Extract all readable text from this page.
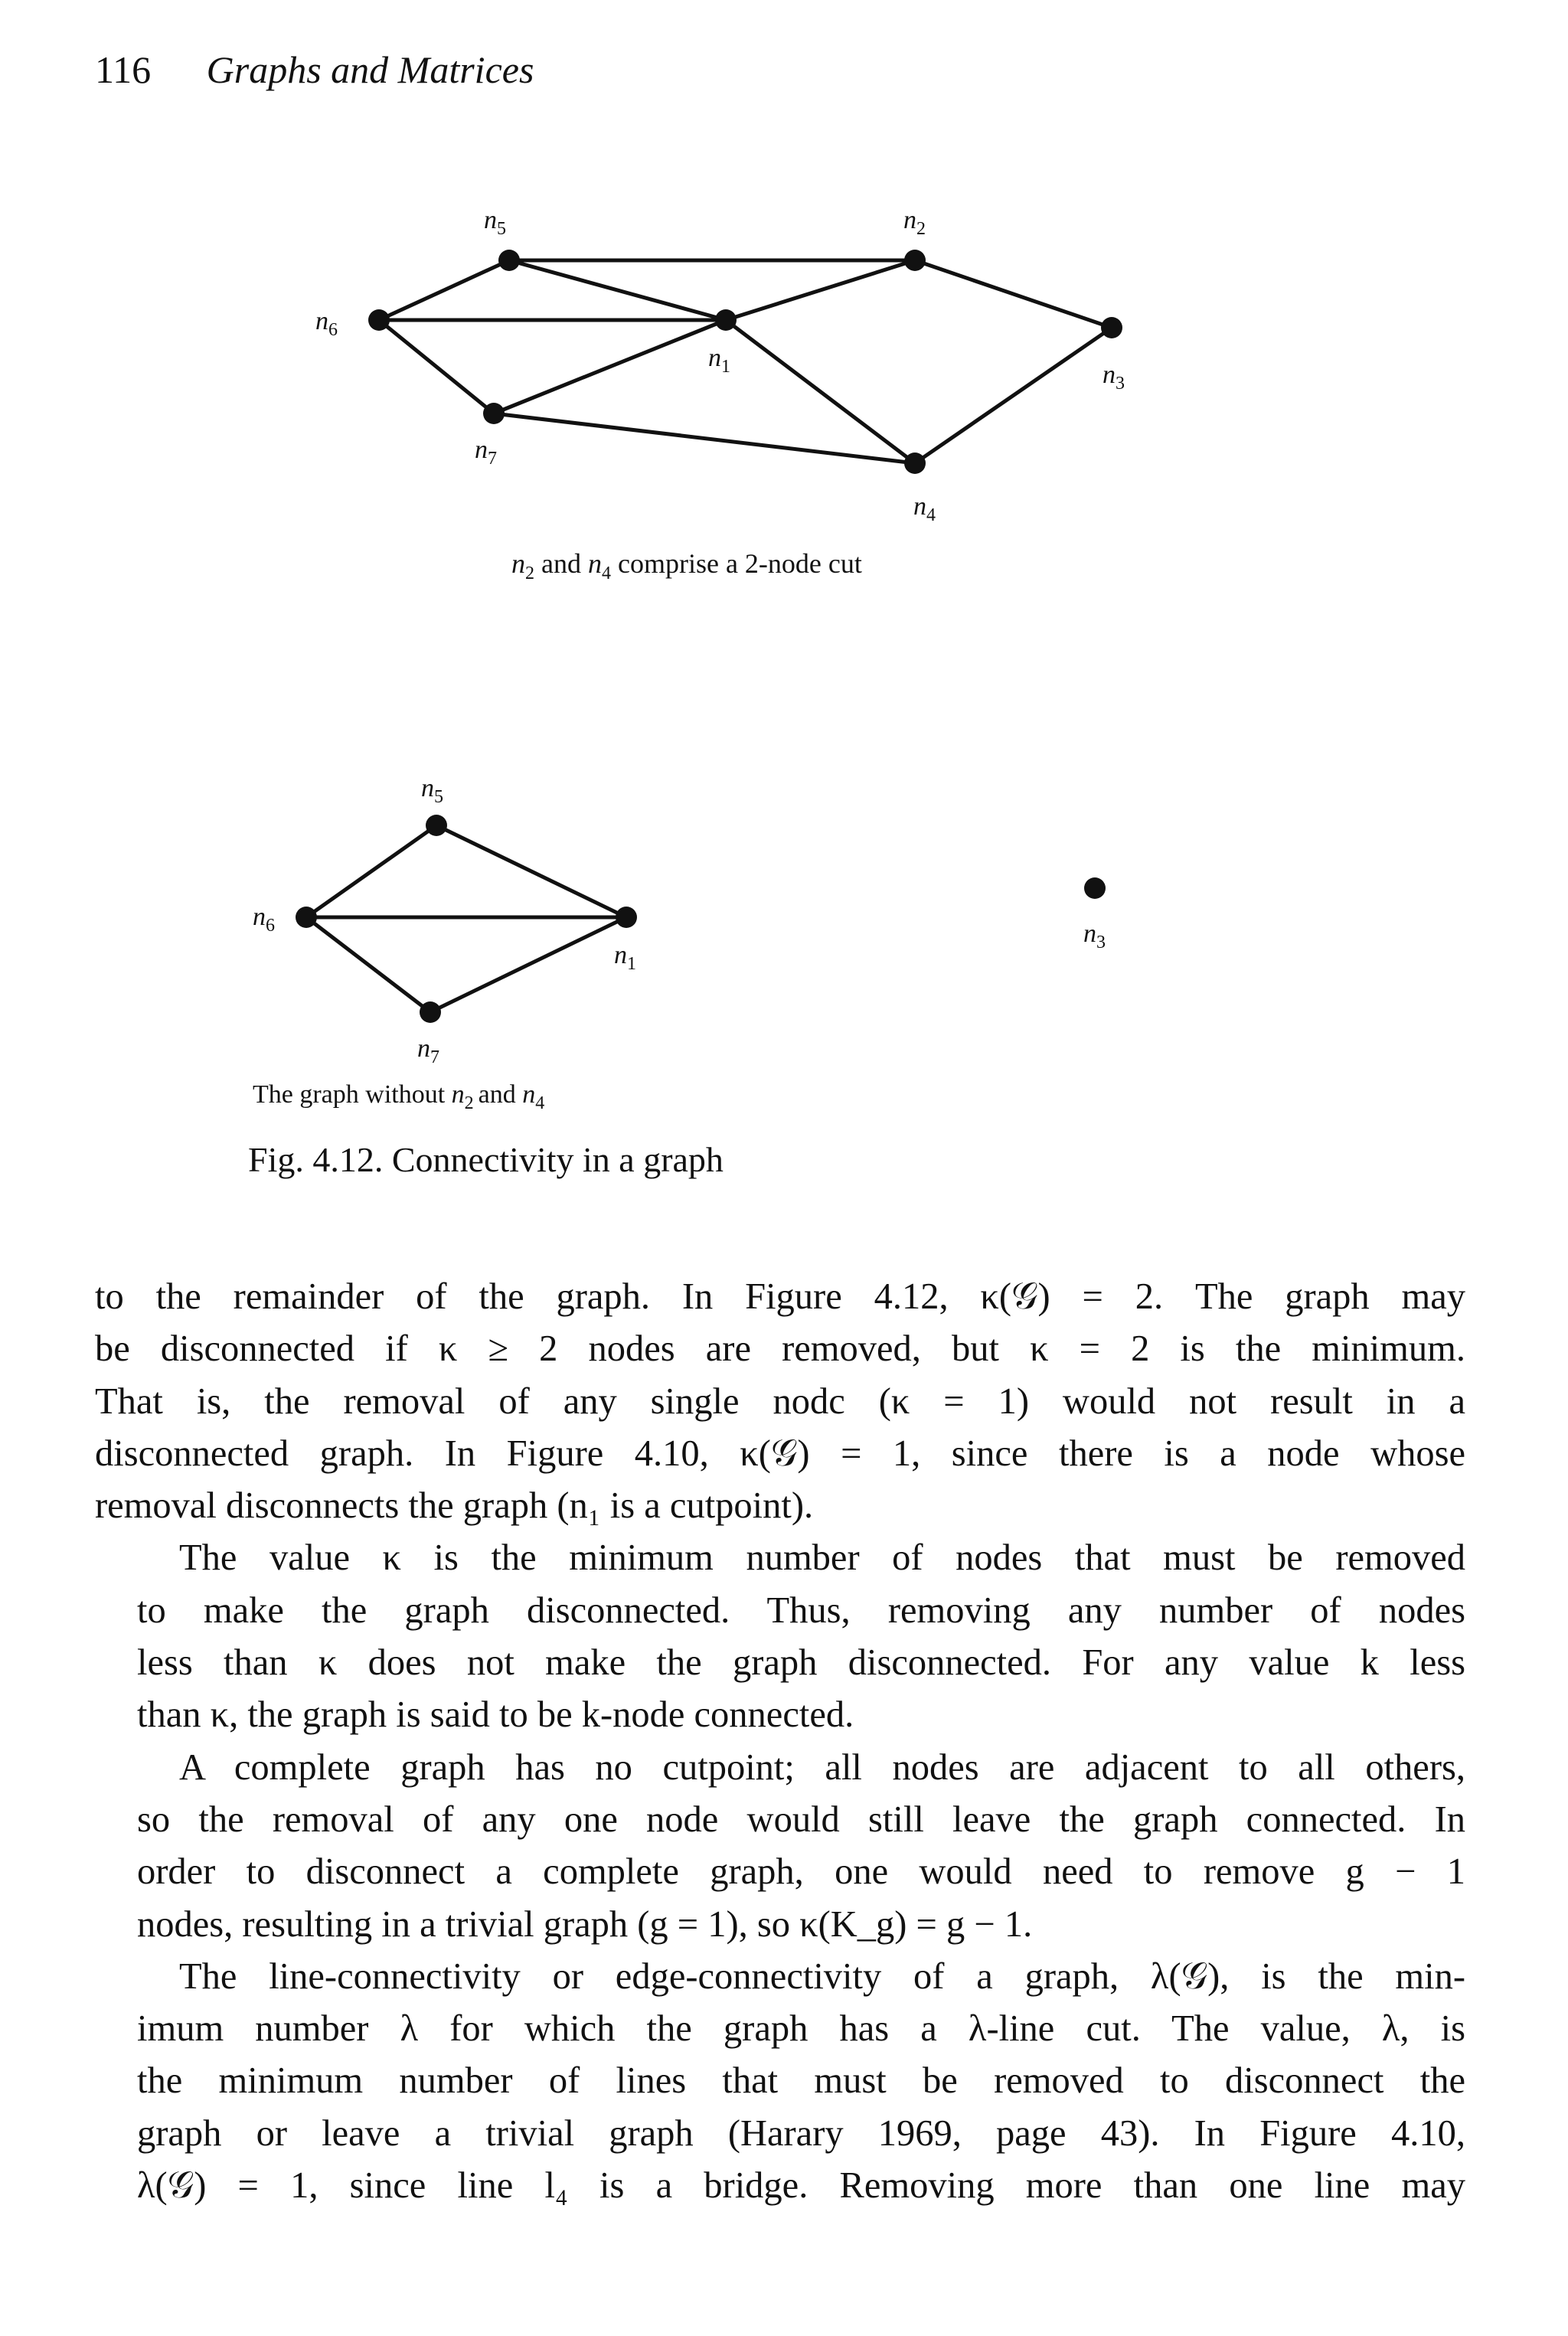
116 Graphs and Matrices
$n_5$	$n_2$
$n_6$
$n_1$	$n_3$
$n_7$
$n_4$
$n_2$ and $n_4$ comprise a 2-node cut
$n_5$
$n_6$
$n_1$
$n_7$
$n_3$
The graph without $n_2$ and $n_4$
Fig. 4.12. Connectivity in a graph

to the remainder of the graph. In Figure 4.12, κ(𝒢) = 2. The graph may
be disconnected if κ ≥ 2 nodes are removed, but κ = 2 is the minimum.
That is, the removal of any single nodc (κ = 1) would not result in a
disconnected graph. In Figure 4.10, κ(𝒢) = 1, since there is a node whose
removal disconnects the graph (n₁ is a cutpoint).

The value κ is the minimum number of nodes that must be removed
to make the graph disconnected. Thus, removing any number of nodes
less than κ does not make the graph disconnected. For any value k less
than κ, the graph is said to be k-node connected.

A complete graph has no cutpoint; all nodes are adjacent to all others,
so the removal of any one node would still leave the graph connected. In
order to disconnect a complete graph, one would need to remove g − 1
nodes, resulting in a trivial graph (g = 1), so κ(K_g) = g − 1.

The line-connectivity or edge-connectivity of a graph, λ(𝒢), is the min-
imum number λ for which the graph has a λ-line cut. The value, λ, is
the minimum number of lines that must be removed to disconnect the
graph or leave a trivial graph (Harary 1969, page 43). In Figure 4.10,
λ(𝒢) = 1, since line l₄ is a bridge. Removing more than one line may
